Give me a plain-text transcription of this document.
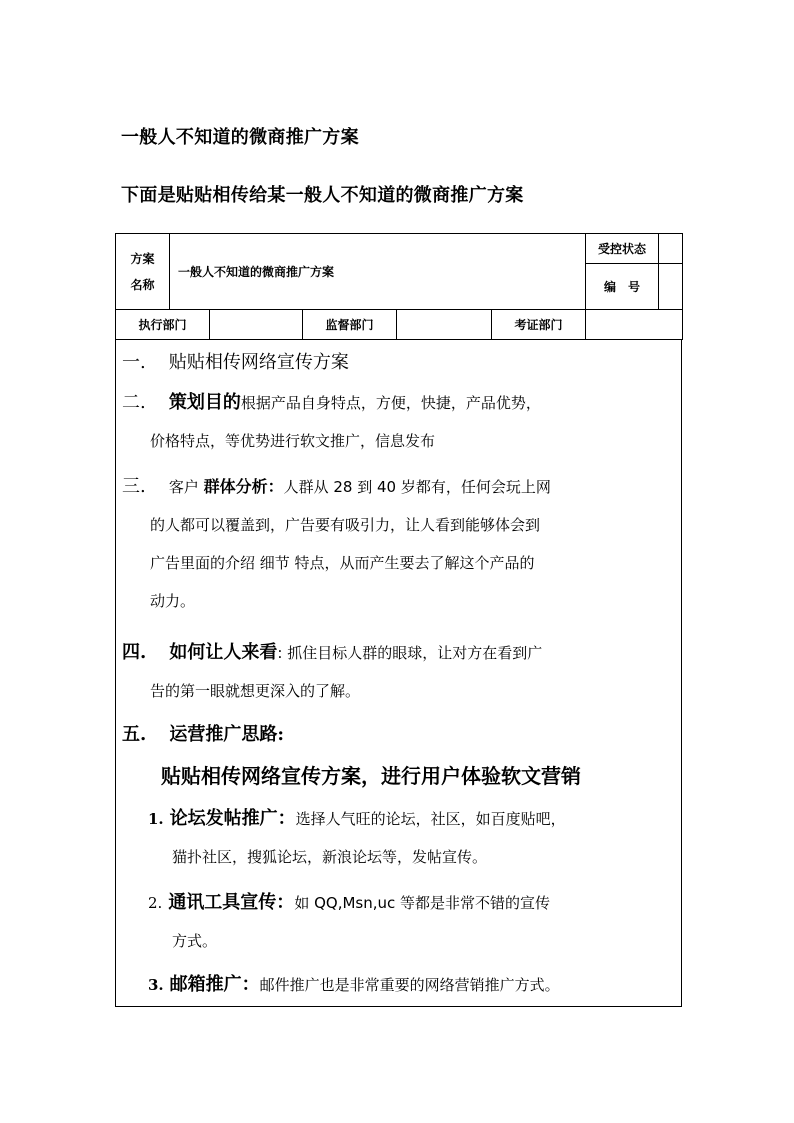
一般人不知道的微商推广方案
下面是贴贴相传给某一般人不知道的微商推广方案
方案
名称	一般人不知道的微商推广方案					受控状态	
						编　号	
执行部门			监督部门		考证部门		
一. 贴贴相传网络宣传方案
二. 策划目的根据产品自身特点，方便，快捷，产品优势，
价格特点，等优势进行软文推广，信息发布
三. 客户 群体分析：人群从 28 到 40 岁都有，任何会玩上网
的人都可以覆盖到，广告要有吸引力，让人看到能够体会到
广告里面的介绍 细节 特点，从而产生要去了解这个产品的
动力。
四. 如何让人来看: 抓住目标人群的眼球，让对方在看到广
告的第一眼就想更深入的了解。
五. 运营推广思路:
贴贴相传网络宣传方案，进行用户体验软文营销
1. 论坛发帖推广：选择人气旺的论坛，社区，如百度贴吧，
猫扑社区，搜狐论坛，新浪论坛等，发帖宣传。
2. 通讯工具宣传：如 QQ,Msn,uc 等都是非常不错的宣传
方式。
3. 邮箱推广：邮件推广也是非常重要的网络营销推广方式。
